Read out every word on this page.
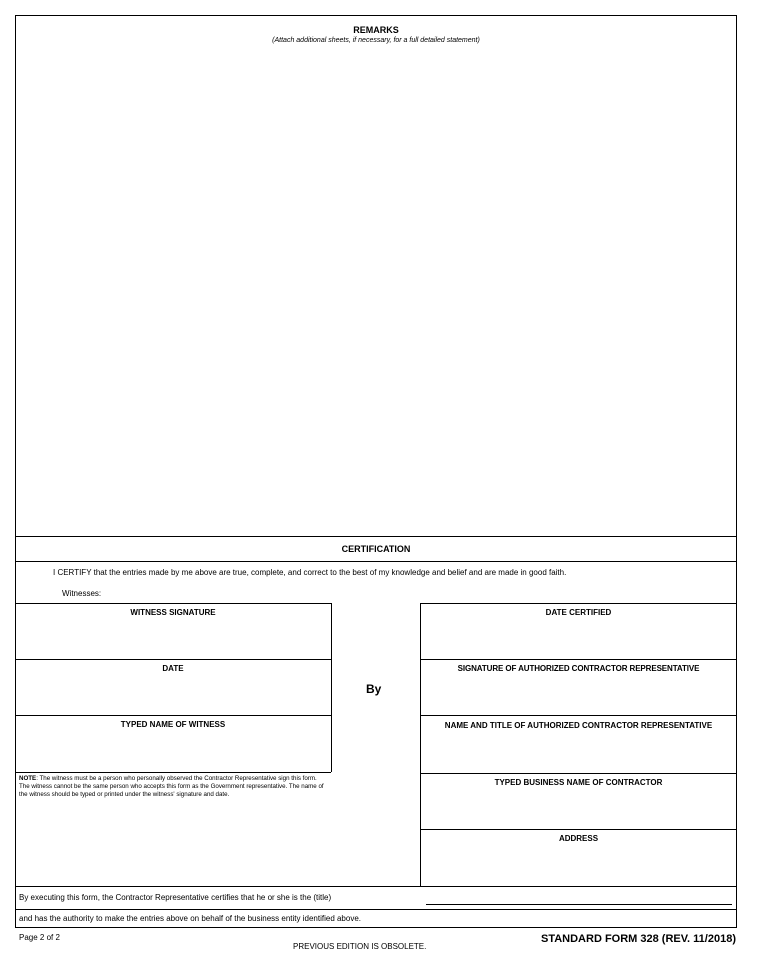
REMARKS
(Attach additional sheets, if necessary, for a full detailed statement)
CERTIFICATION
I CERTIFY that the entries made by me above are true, complete, and correct to the best of my knowledge and belief and are made in good faith.
Witnesses:
WITNESS SIGNATURE
DATE
TYPED NAME OF WITNESS
NOTE: The witness must be a person who personally observed the Contractor Representative sign this form. The witness cannot be the same person who accepts this form as the Government representative. The name of the witness should be typed or printed under the witness' signature and date.
By
DATE CERTIFIED
SIGNATURE OF AUTHORIZED CONTRACTOR REPRESENTATIVE
NAME AND TITLE OF AUTHORIZED CONTRACTOR REPRESENTATIVE
TYPED BUSINESS NAME OF CONTRACTOR
ADDRESS
By executing this form, the Contractor Representative certifies that he or she is the (title)
and has the authority to make the entries above on behalf of the business entity identified above.
Page 2 of 2
PREVIOUS EDITION IS OBSOLETE.
STANDARD FORM 328 (REV. 11/2018)
